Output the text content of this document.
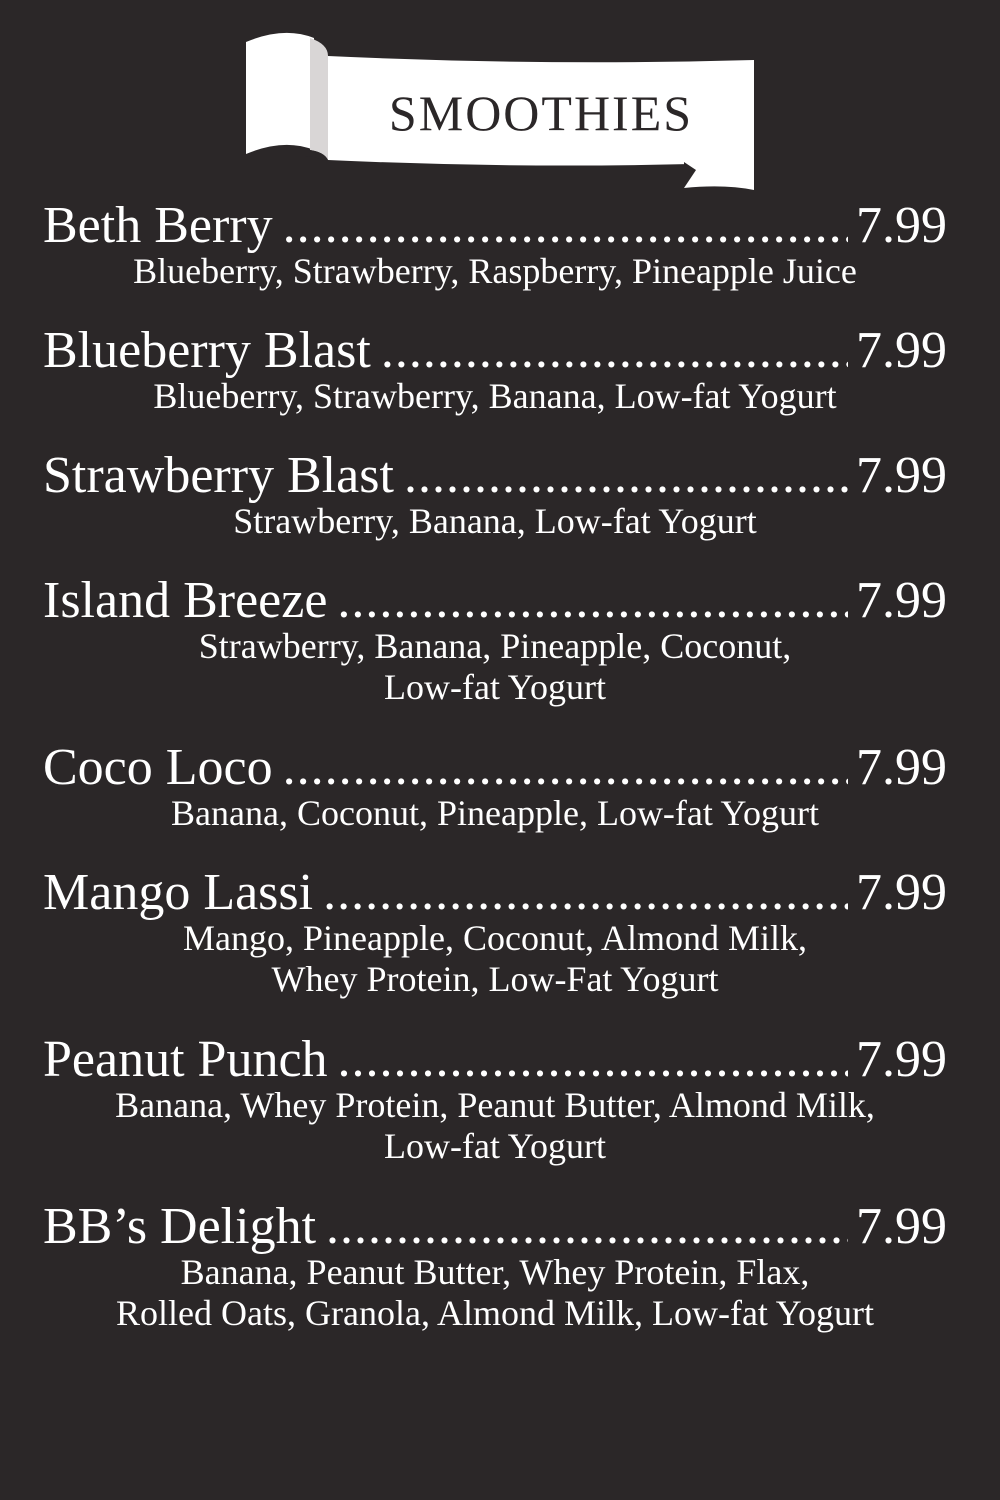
SMOOTHIES
Beth Berry .....	7.99
Blueberry, Strawberry, Raspberry, Pineapple Juice
Blueberry Blast .....	7.99
Blueberry, Strawberry, Banana, Low-fat Yogurt
Strawberry Blast .....	7.99
Strawberry, Banana, Low-fat Yogurt
Island Breeze .....	7.99
Strawberry, Banana, Pineapple, Coconut,
Low-fat Yogurt
Coco Loco .....	7.99
Banana, Coconut, Pineapple, Low-fat Yogurt
Mango Lassi .....	7.99
Mango, Pineapple, Coconut, Almond Milk,
Whey Protein, Low-Fat Yogurt
Peanut Punch .....	7.99
Banana, Whey Protein, Peanut Butter, Almond Milk,
Low-fat Yogurt
BB’s Delight .....	7.99
Banana, Peanut Butter, Whey Protein, Flax,
Rolled Oats, Granola, Almond Milk, Low-fat Yogurt
